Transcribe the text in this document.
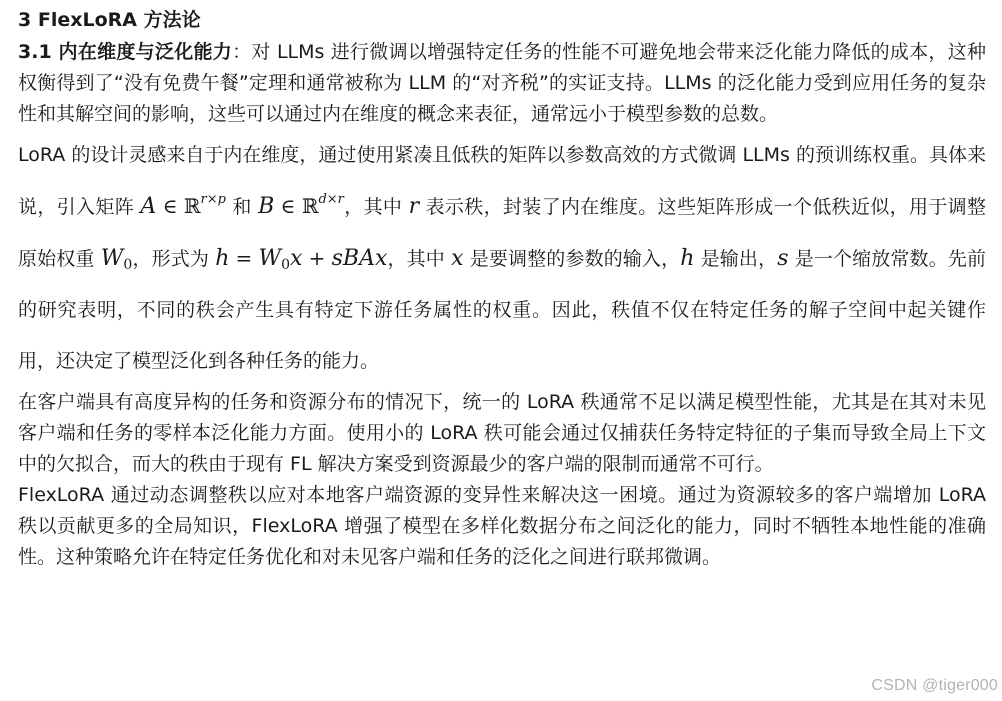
3 FlexLoRA 方法论

3.1 内在维度与泛化能力：对 LLMs 进行微调以增强特定任务的性能不可避免地会带来泛化能力降低的成本，这种权衡得到了“没有免费午餐”定理和通常被称为 LLM 的“对齐税”的实证支持。LLMs 的泛化能力受到应用任务的复杂性和其解空间的影响，这些可以通过内在维度的概念来表征，通常远小于模型参数的总数。

LoRA 的设计灵感来自于内在维度，通过使用紧凑且低秩的矩阵以参数高效的方式微调 LLMs 的预训练权重。具体来说，引入矩阵 A ∈ ℝ$^{r\times p}$ 和 B ∈ ℝ$^{d\times r}$，其中 r 表示秩，封装了内在维度。这些矩阵形成一个低秩近似，用于调整原始权重 $W_0$，形式为 $h = W_0x$ + sBAx，其中 x 是要调整的参数的输入，h 是输出，s 是一个缩放常数。先前的研究表明，不同的秩会产生具有特定下游任务属性的权重。因此，秩值不仅在特定任务的解子空间中起关键作用，还决定了模型泛化到各种任务的能力。

在客户端具有高度异构的任务和资源分布的情况下，统一的 LoRA 秩通常不足以满足模型性能，尤其是在其对未见客户端和任务的零样本泛化能力方面。使用小的 LoRA 秩可能会通过仅捕获任务特定特征的子集而导致全局上下文中的欠拟合，而大的秩由于现有 FL 解决方案受到资源最少的客户端的限制而通常不可行。

FlexLoRA 通过动态调整秩以应对本地客户端资源的变异性来解决这一困境。通过为资源较多的客户端增加 LoRA 秩以贡献更多的全局知识，FlexLoRA 增强了模型在多样化数据分布之间泛化的能力，同时不牺牲本地性能的准确性。这种策略允许在特定任务优化和对未见客户端和任务的泛化之间进行联邦微调。

CSDN @tiger000
